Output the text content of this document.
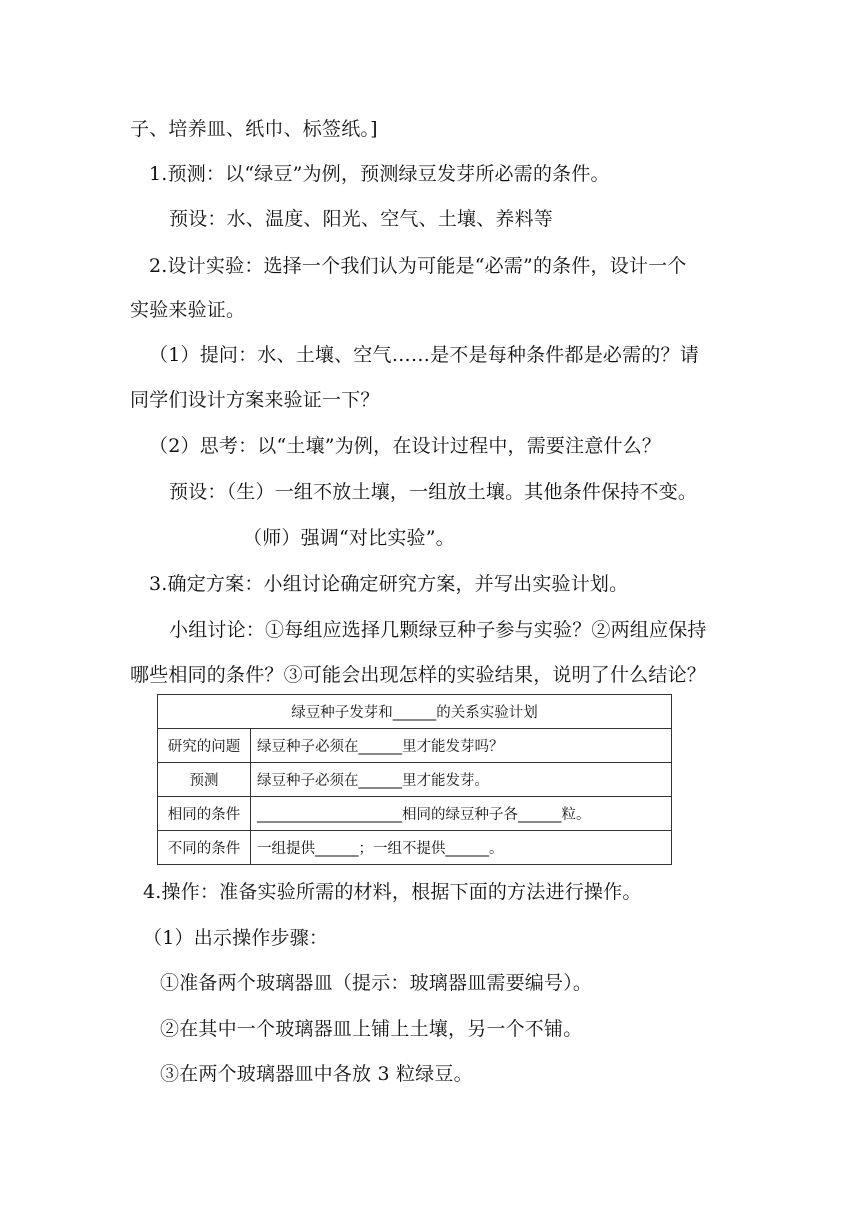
子、培养皿、纸巾、标签纸。]
1.预测：以“绿豆”为例，预测绿豆发芽所必需的条件。
预设：水、温度、阳光、空气、土壤、养料等
2.设计实验：选择一个我们认为可能是“必需”的条件，设计一个
实验来验证。
（1）提问：水、土壤、空气……是不是每种条件都是必需的？请
同学们设计方案来验证一下？
（2）思考：以“土壤”为例，在设计过程中，需要注意什么？
预设：（生）一组不放土壤，一组放土壤。其他条件保持不变。
（师）强调“对比实验”。
3.确定方案：小组讨论确定研究方案，并写出实验计划。
小组讨论：①每组应选择几颗绿豆种子参与实验？②两组应保持
哪些相同的条件？③可能会出现怎样的实验结果，说明了什么结论？
绿豆种子发芽和______的关系实验计划	
研究的问题	绿豆种子必须在______里才能发芽吗？
预测	绿豆种子必须在______里才能发芽。
相同的条件	____________________相同的绿豆种子各______粒。
不同的条件	一组提供______；一组不提供______。
4.操作：准备实验所需的材料，根据下面的方法进行操作。
（1）出示操作步骤：
①准备两个玻璃器皿（提示：玻璃器皿需要编号）。
②在其中一个玻璃器皿上铺上土壤，另一个不铺。
③在两个玻璃器皿中各放 3 粒绿豆。
